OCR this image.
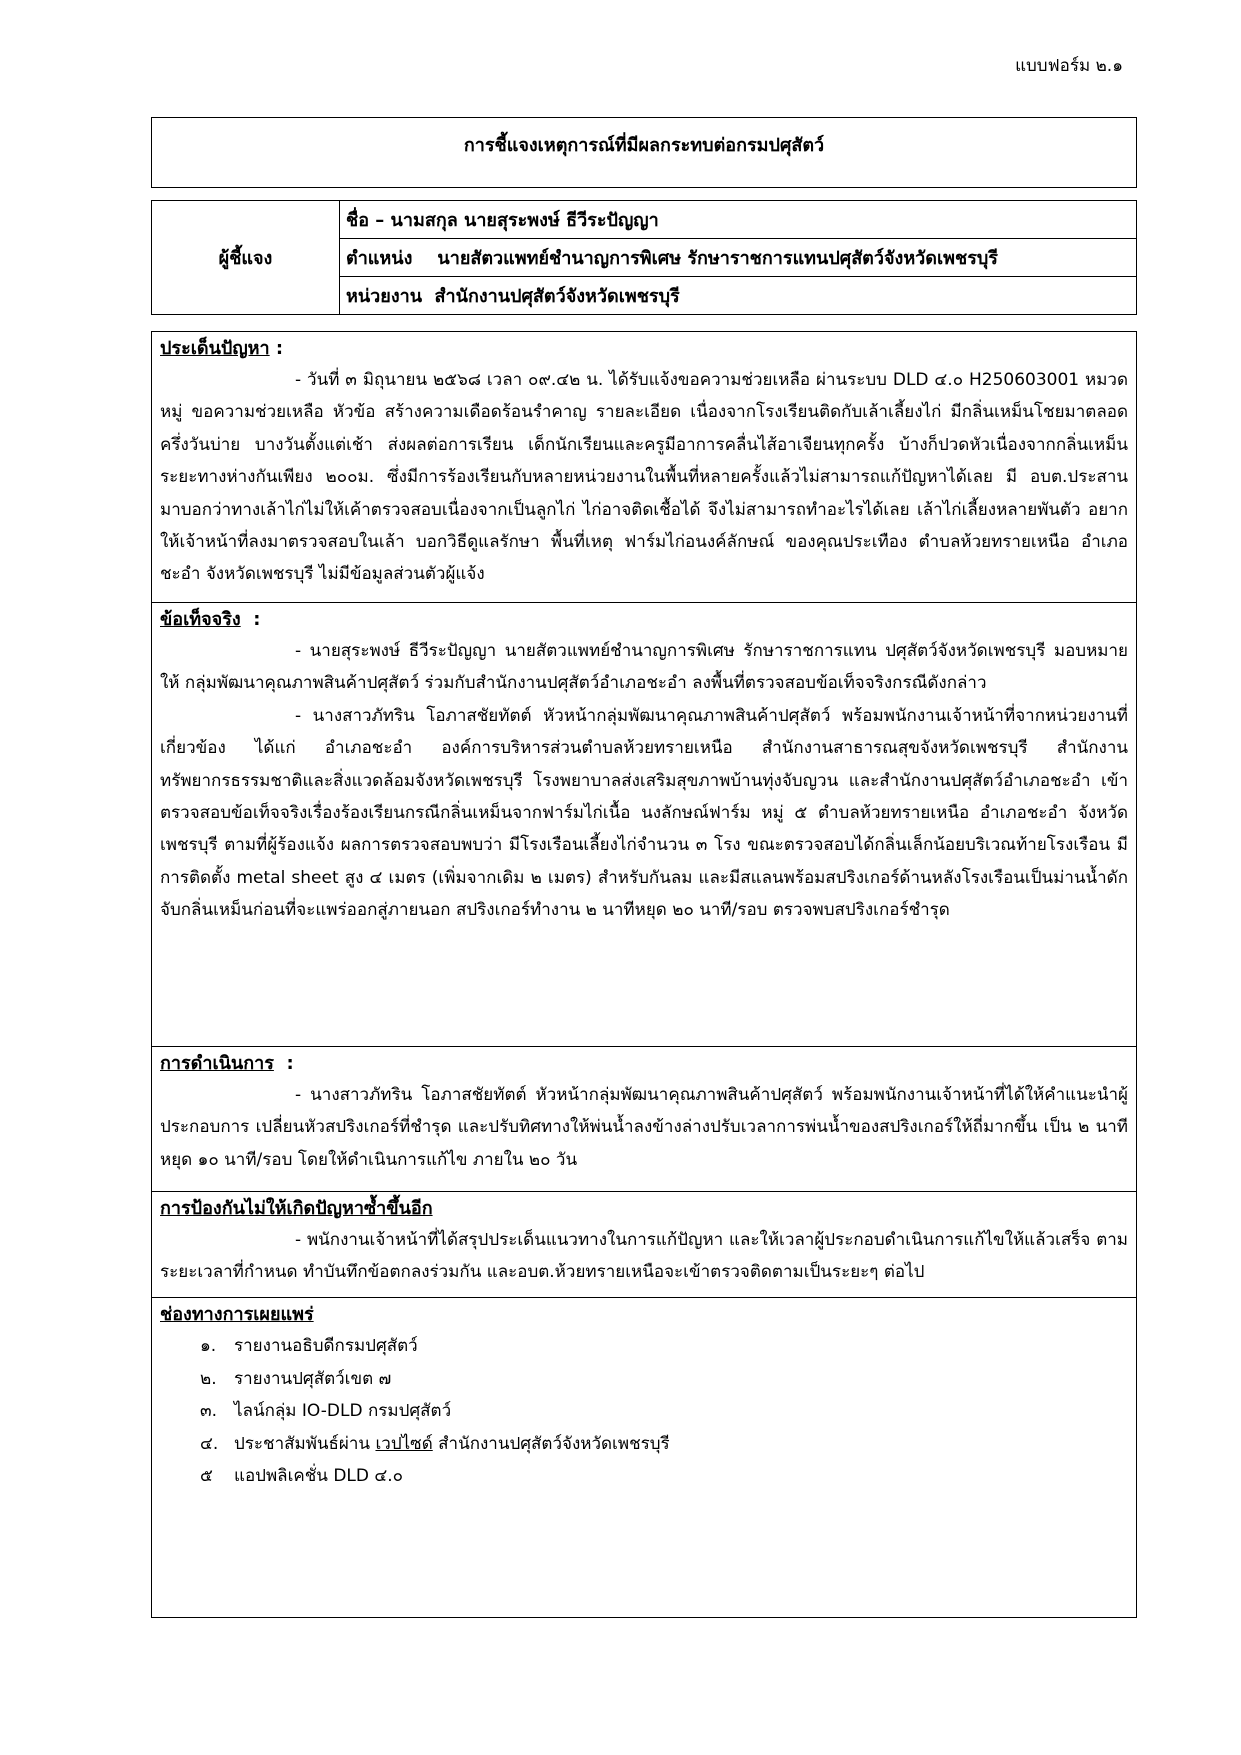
แบบฟอร์ม ๒.๑
การชี้แจงเหตุการณ์ที่มีผลกระทบต่อกรมปศุสัตว์
ผู้ชี้แจง	ชื่อ – นามสกุล นายสุระพงษ์ ธีวีระปัญญา
ตำแหน่ง    นายสัตวแพทย์ชำนาญการพิเศษ รักษาราชการแทนปศุสัตว์จังหวัดเพชรบุรี
หน่วยงาน  สำนักงานปศุสัตว์จังหวัดเพชรบุรี
ประเด็นปัญหา :

- วันที่ ๓ มิถุนายน ๒๕๖๘ เวลา ๐๙.๔๒ น. ได้รับแจ้งขอความช่วยเหลือ ผ่านระบบ DLD ๔.๐ H250603001 หมวดหมู่ ขอความช่วยเหลือ หัวข้อ สร้างความเดือดร้อนรำคาญ รายละเอียด เนื่องจากโรงเรียนติดกับเล้าเลี้ยงไก่ มีกลิ่นเหม็นโชยมาตลอดครึ่งวันบ่าย บางวันตั้งแต่เช้า ส่งผลต่อการเรียน เด็กนักเรียนและครูมีอาการคลื่นไส้อาเจียนทุกครั้ง บ้างก็ปวดหัวเนื่องจากกลิ่นเหม็น ระยะทางห่างกันเพียง ๒๐๐ม. ซึ่งมีการร้องเรียนกับหลายหน่วยงานในพื้นที่หลายครั้งแล้วไม่สามารถแก้ปัญหาได้เลย มี อบต.ประสานมาบอกว่าทางเล้าไก่ไม่ให้เค้าตรวจสอบเนื่องจากเป็นลูกไก่ ไก่อาจติดเชื้อได้ จึงไม่สามารถทำอะไรได้เลย เล้าไก่เลี้ยงหลายพันตัว อยากให้เจ้าหน้าที่ลงมาตรวจสอบในเล้า บอกวิธีดูแลรักษา พื้นที่เหตุ ฟาร์มไก่อนงค์ลักษณ์ ของคุณประเทือง ตำบลห้วยทรายเหนือ อำเภอชะอำ จังหวัดเพชรบุรี ไม่มีข้อมูลส่วนตัวผู้แจ้ง

ข้อเท็จจริง  :

- นายสุระพงษ์ ธีวีระปัญญา นายสัตวแพทย์ชำนาญการพิเศษ รักษาราชการแทน ปศุสัตว์จังหวัดเพชรบุรี มอบหมายให้ กลุ่มพัฒนาคุณภาพสินค้าปศุสัตว์ ร่วมกับสำนักงานปศุสัตว์อำเภอชะอำ ลงพื้นที่ตรวจสอบข้อเท็จจริงกรณีดังกล่าว

- นางสาวภัทริน โอภาสชัยทัตต์ หัวหน้ากลุ่มพัฒนาคุณภาพสินค้าปศุสัตว์ พร้อมพนักงานเจ้าหน้าที่จากหน่วยงานที่เกี่ยวข้อง ได้แก่ อำเภอชะอำ องค์การบริหารส่วนตำบลห้วยทรายเหนือ สำนักงานสาธารณสุขจังหวัดเพชรบุรี สำนักงานทรัพยากรธรรมชาติและสิ่งแวดล้อมจังหวัดเพชรบุรี โรงพยาบาลส่งเสริมสุขภาพบ้านทุ่งจับญวน และสำนักงานปศุสัตว์อำเภอชะอำ เข้าตรวจสอบข้อเท็จจริงเรื่องร้องเรียนกรณีกลิ่นเหม็นจากฟาร์มไก่เนื้อ นงลักษณ์ฟาร์ม หมู่ ๕ ตำบลห้วยทรายเหนือ อำเภอชะอำ จังหวัดเพชรบุรี ตามที่ผู้ร้องแจ้ง ผลการตรวจสอบพบว่า มีโรงเรือนเลี้ยงไก่จำนวน ๓ โรง ขณะตรวจสอบได้กลิ่นเล็กน้อยบริเวณท้ายโรงเรือน มีการติดตั้ง metal sheet สูง ๔ เมตร (เพิ่มจากเดิม ๒ เมตร) สำหรับกันลม และมีสแลนพร้อมสปริงเกอร์ด้านหลังโรงเรือนเป็นม่านน้ำดักจับกลิ่นเหม็นก่อนที่จะแพร่ออกสู่ภายนอก สปริงเกอร์ทำงาน ๒ นาทีหยุด ๒๐ นาที/รอบ ตรวจพบสปริงเกอร์ชำรุด

การดำเนินการ  :

- นางสาวภัทริน โอภาสชัยทัตต์ หัวหน้ากลุ่มพัฒนาคุณภาพสินค้าปศุสัตว์ พร้อมพนักงานเจ้าหน้าที่ได้ให้คำแนะนำผู้ประกอบการ เปลี่ยนหัวสปริงเกอร์ที่ชำรุด และปรับทิศทางให้พ่นน้ำลงข้างล่างปรับเวลาการพ่นน้ำของสปริงเกอร์ให้ถี่มากขึ้น เป็น ๒ นาที หยุด ๑๐ นาที/รอบ โดยให้ดำเนินการแก้ไข ภายใน ๒๐ วัน

การป้องกันไม่ให้เกิดปัญหาซ้ำขึ้นอีก

- พนักงานเจ้าหน้าที่ได้สรุปประเด็นแนวทางในการแก้ปัญหา และให้เวลาผู้ประกอบดำเนินการแก้ไขให้แล้วเสร็จ ตามระยะเวลาที่กำหนด ทำบันทึกข้อตกลงร่วมกัน และอบต.ห้วยทรายเหนือจะเข้าตรวจติดตามเป็นระยะๆ ต่อไป

ช่องทางการเผยแพร่
๑.	รายงานอธิบดีกรมปศุสัตว์
๒.	รายงานปศุสัตว์เขต ๗
๓. ไลน์กลุ่ม IO-DLD กรมปศุสัตว์
๔. ประชาสัมพันธ์ผ่าน เวปไซด์ สำนักงานปศุสัตว์จังหวัดเพชรบุรี
๕	แอปพลิเคชั่น DLD ๔.๐
